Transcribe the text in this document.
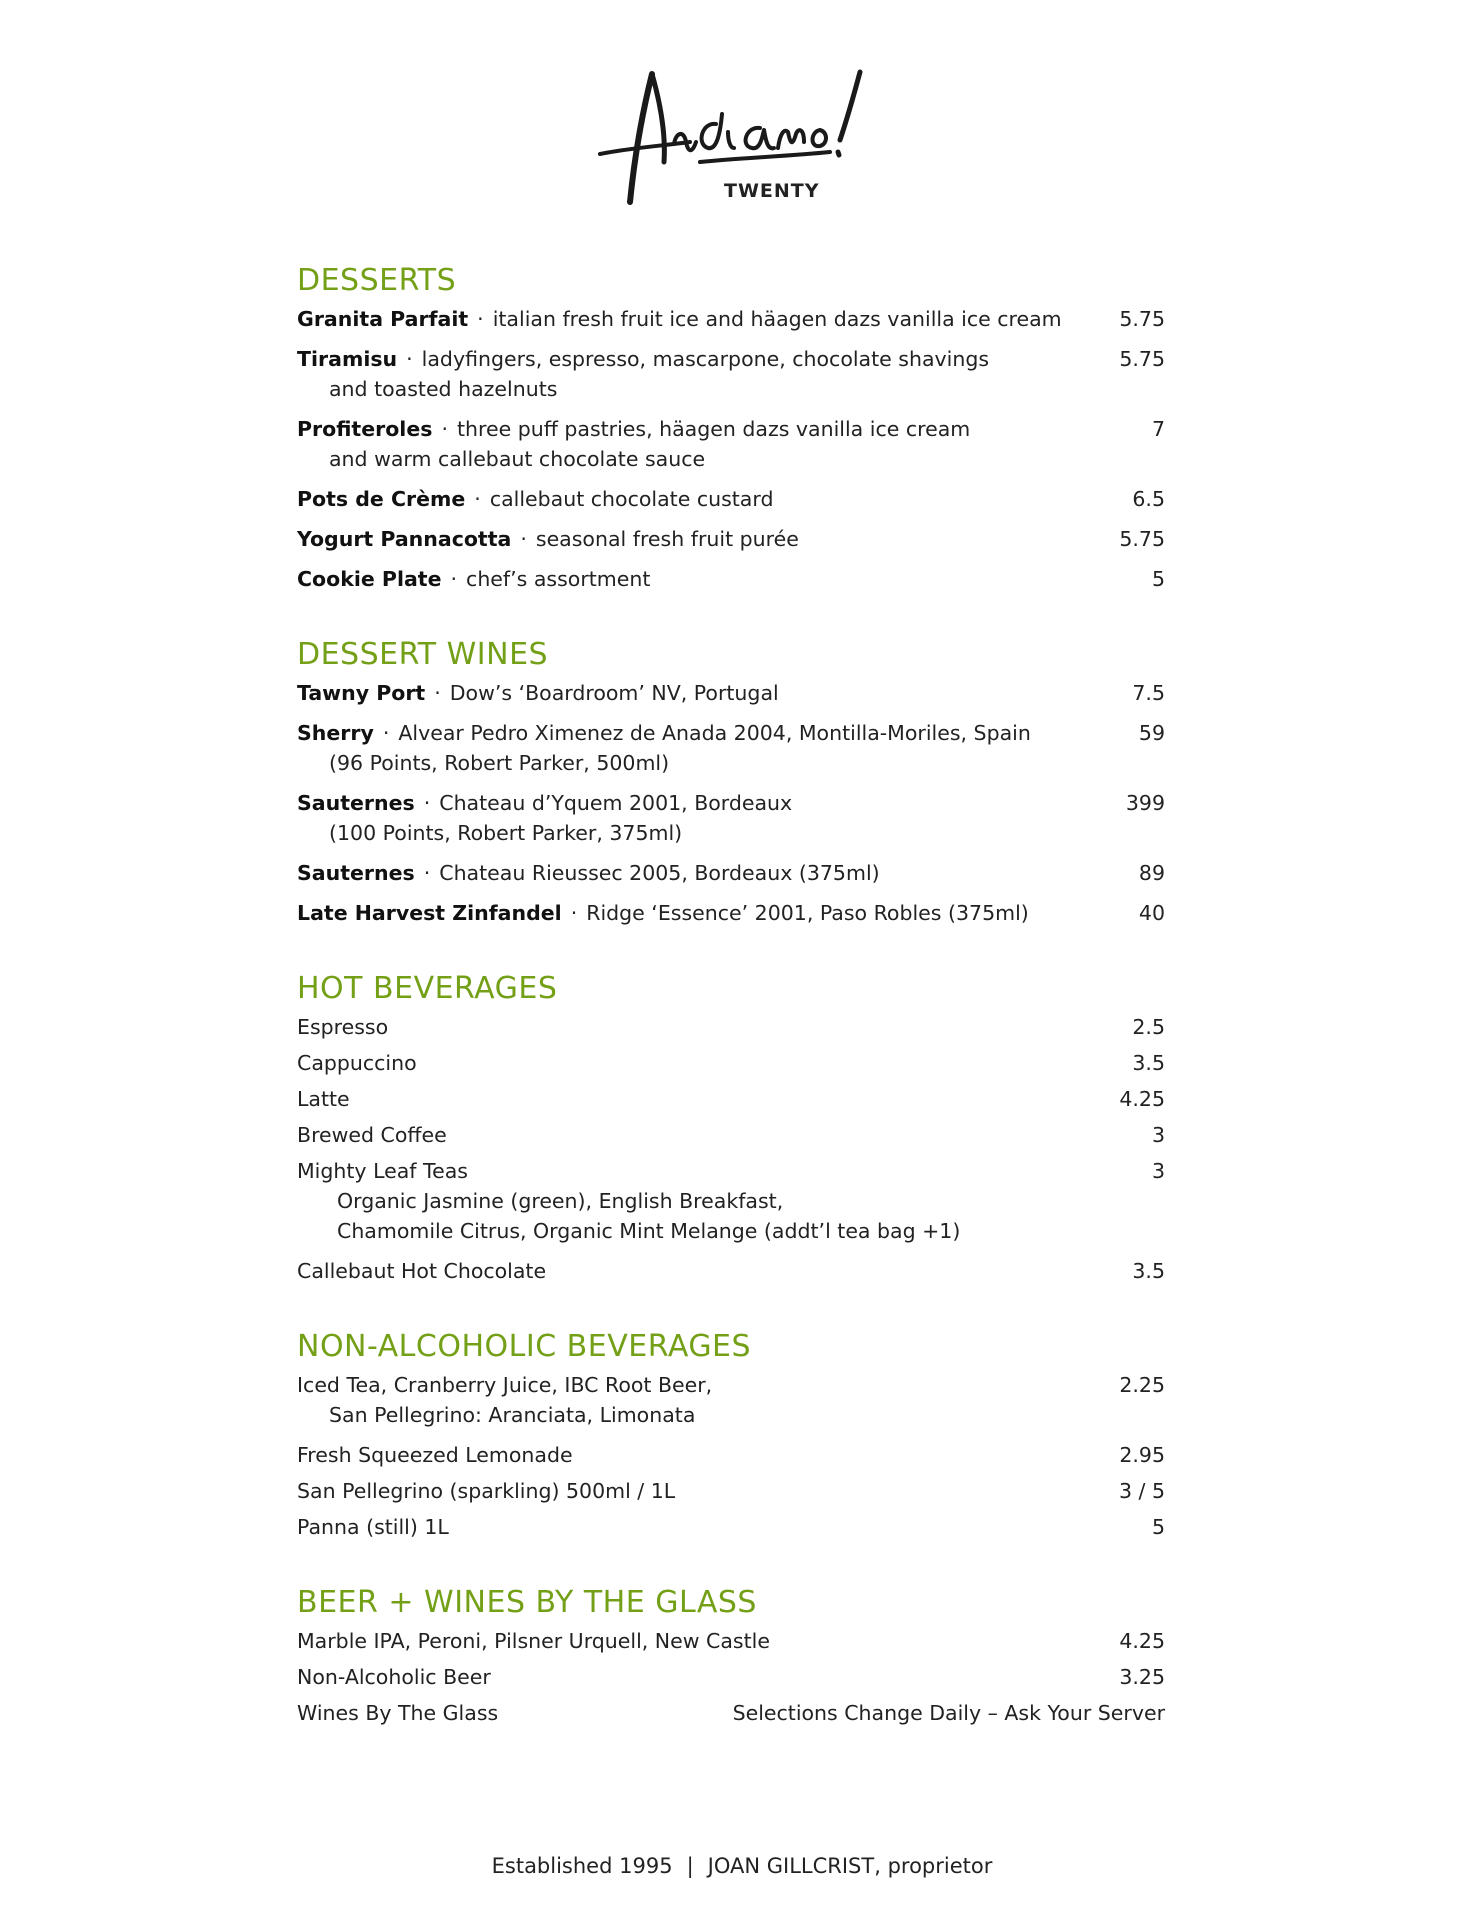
TWENTY
DESSERTS
Granita Parfait · italian fresh fruit ice and häagen dazs vanilla ice cream	5.75
Tiramisu · ladyfingers, espresso, mascarpone, chocolate shavings	5.75
and toasted hazelnuts
Profiteroles · three puff pastries, häagen dazs vanilla ice cream	7
and warm callebaut chocolate sauce
Pots de Crème · callebaut chocolate custard	6.5
Yogurt Pannacotta · seasonal fresh fruit purée	5.75
Cookie Plate · chef’s assortment	5
DESSERT WINES
Tawny Port · Dow’s ‘Boardroom’ NV, Portugal	7.5
Sherry · Alvear Pedro Ximenez de Anada 2004, Montilla-Moriles, Spain	59
(96 Points, Robert Parker, 500ml)
Sauternes · Chateau d’Yquem 2001, Bordeaux	399
(100 Points, Robert Parker, 375ml)
Sauternes · Chateau Rieussec 2005, Bordeaux (375ml)	89
Late Harvest Zinfandel · Ridge ‘Essence’ 2001, Paso Robles (375ml)	40
HOT BEVERAGES
Espresso	2.5
Cappuccino	3.5
Latte	4.25
Brewed Coffee	3
Mighty Leaf Teas	3
Organic Jasmine (green), English Breakfast,
Chamomile Citrus, Organic Mint Melange (addt’l tea bag +1)
Callebaut Hot Chocolate	3.5
NON-ALCOHOLIC BEVERAGES
Iced Tea, Cranberry Juice, IBC Root Beer,	2.25
San Pellegrino: Aranciata, Limonata
Fresh Squeezed Lemonade	2.95
San Pellegrino (sparkling) 500ml / 1L	3 / 5
Panna (still) 1L	5
BEER + WINES BY THE GLASS
Marble IPA, Peroni, Pilsner Urquell, New Castle	4.25
Non-Alcoholic Beer	3.25
Wines By The Glass	Selections Change Daily – Ask Your Server
Established 1995 | JOAN GILLCRIST, proprietor
